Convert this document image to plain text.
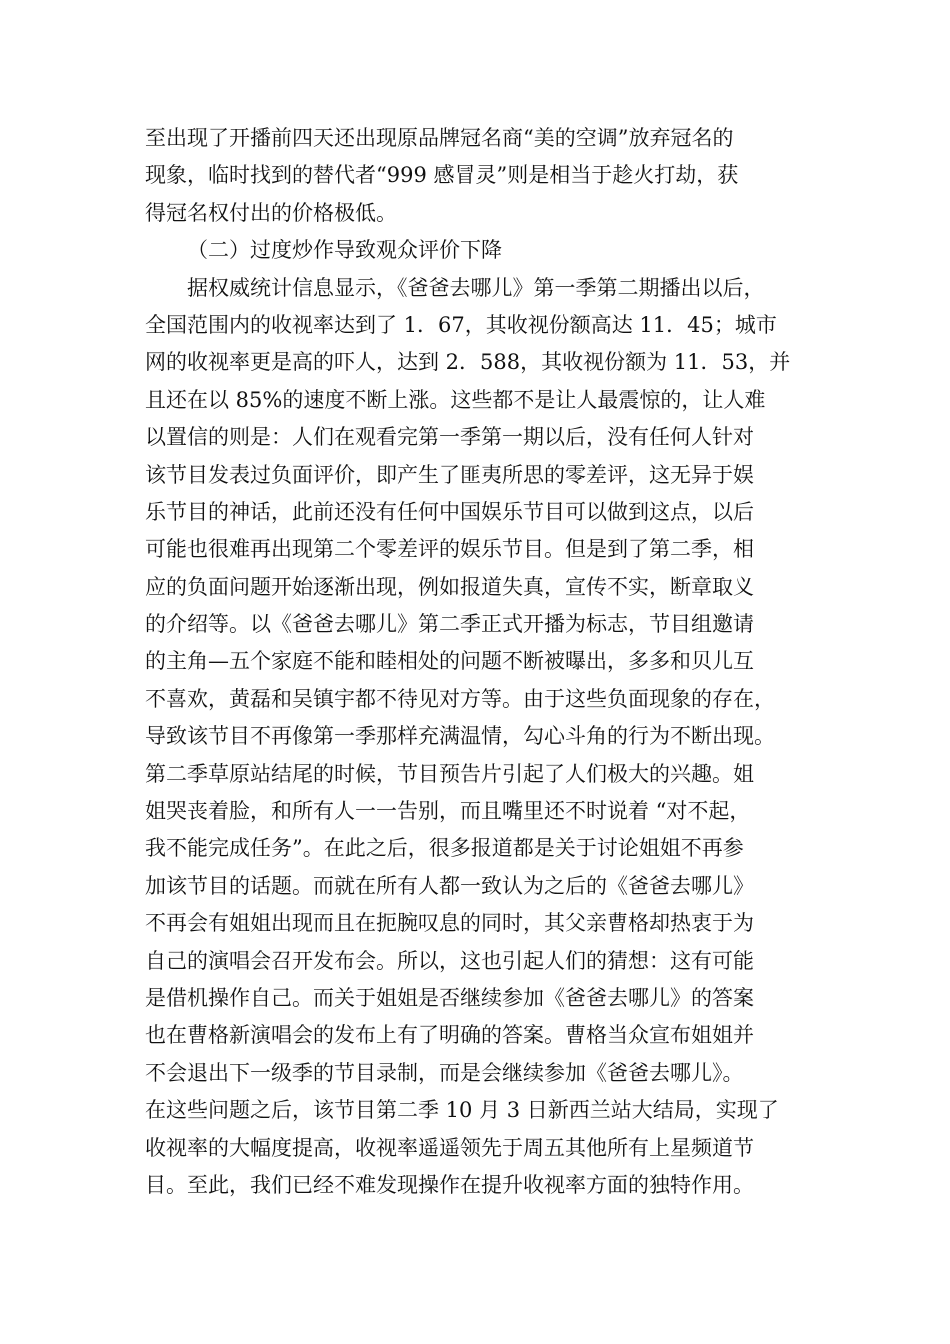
至出现了开播前四天还出现原品牌冠名商“美的空调”放弃冠名的
现象，临时找到的替代者“999 感冒灵”则是相当于趁火打劫，获
得冠名权付出的价格极低。
（二）过度炒作导致观众评价下降
据权威统计信息显示，《爸爸去哪儿》第一季第二期播出以后，
全国范围内的收视率达到了 1．67，其收视份额高达 11．45；城市
网的收视率更是高的吓人，达到 2．588，其收视份额为 11．53，并
且还在以 85%的速度不断上涨。这些都不是让人最震惊的，让人难
以置信的则是：人们在观看完第一季第一期以后，没有任何人针对
该节目发表过负面评价，即产生了匪夷所思的零差评，这无异于娱
乐节目的神话，此前还没有任何中国娱乐节目可以做到这点，以后
可能也很难再出现第二个零差评的娱乐节目。但是到了第二季，相
应的负面问题开始逐渐出现，例如报道失真，宣传不实，断章取义
的介绍等。以《爸爸去哪儿》第二季正式开播为标志，节目组邀请
的主角—五个家庭不能和睦相处的问题不断被曝出，多多和贝儿互
不喜欢，黄磊和吴镇宇都不待见对方等。由于这些负面现象的存在，
导致该节目不再像第一季那样充满温情，勾心斗角的行为不断出现。
第二季草原站结尾的时候，节目预告片引起了人们极大的兴趣。姐
姐哭丧着脸，和所有人一一告别，而且嘴里还不时说着 “对不起，
我不能完成任务”。在此之后，很多报道都是关于讨论姐姐不再参
加该节目的话题。而就在所有人都一致认为之后的《爸爸去哪儿》
不再会有姐姐出现而且在扼腕叹息的同时，其父亲曹格却热衷于为
自己的演唱会召开发布会。所以，这也引起人们的猜想：这有可能
是借机操作自己。而关于姐姐是否继续参加《爸爸去哪儿》的答案
也在曹格新演唱会的发布上有了明确的答案。曹格当众宣布姐姐并
不会退出下一级季的节目录制，而是会继续参加《爸爸去哪儿》。
在这些问题之后，该节目第二季 10 月 3 日新西兰站大结局，实现了
收视率的大幅度提高，收视率遥遥领先于周五其他所有上星频道节
目。至此，我们已经不难发现操作在提升收视率方面的独特作用。
